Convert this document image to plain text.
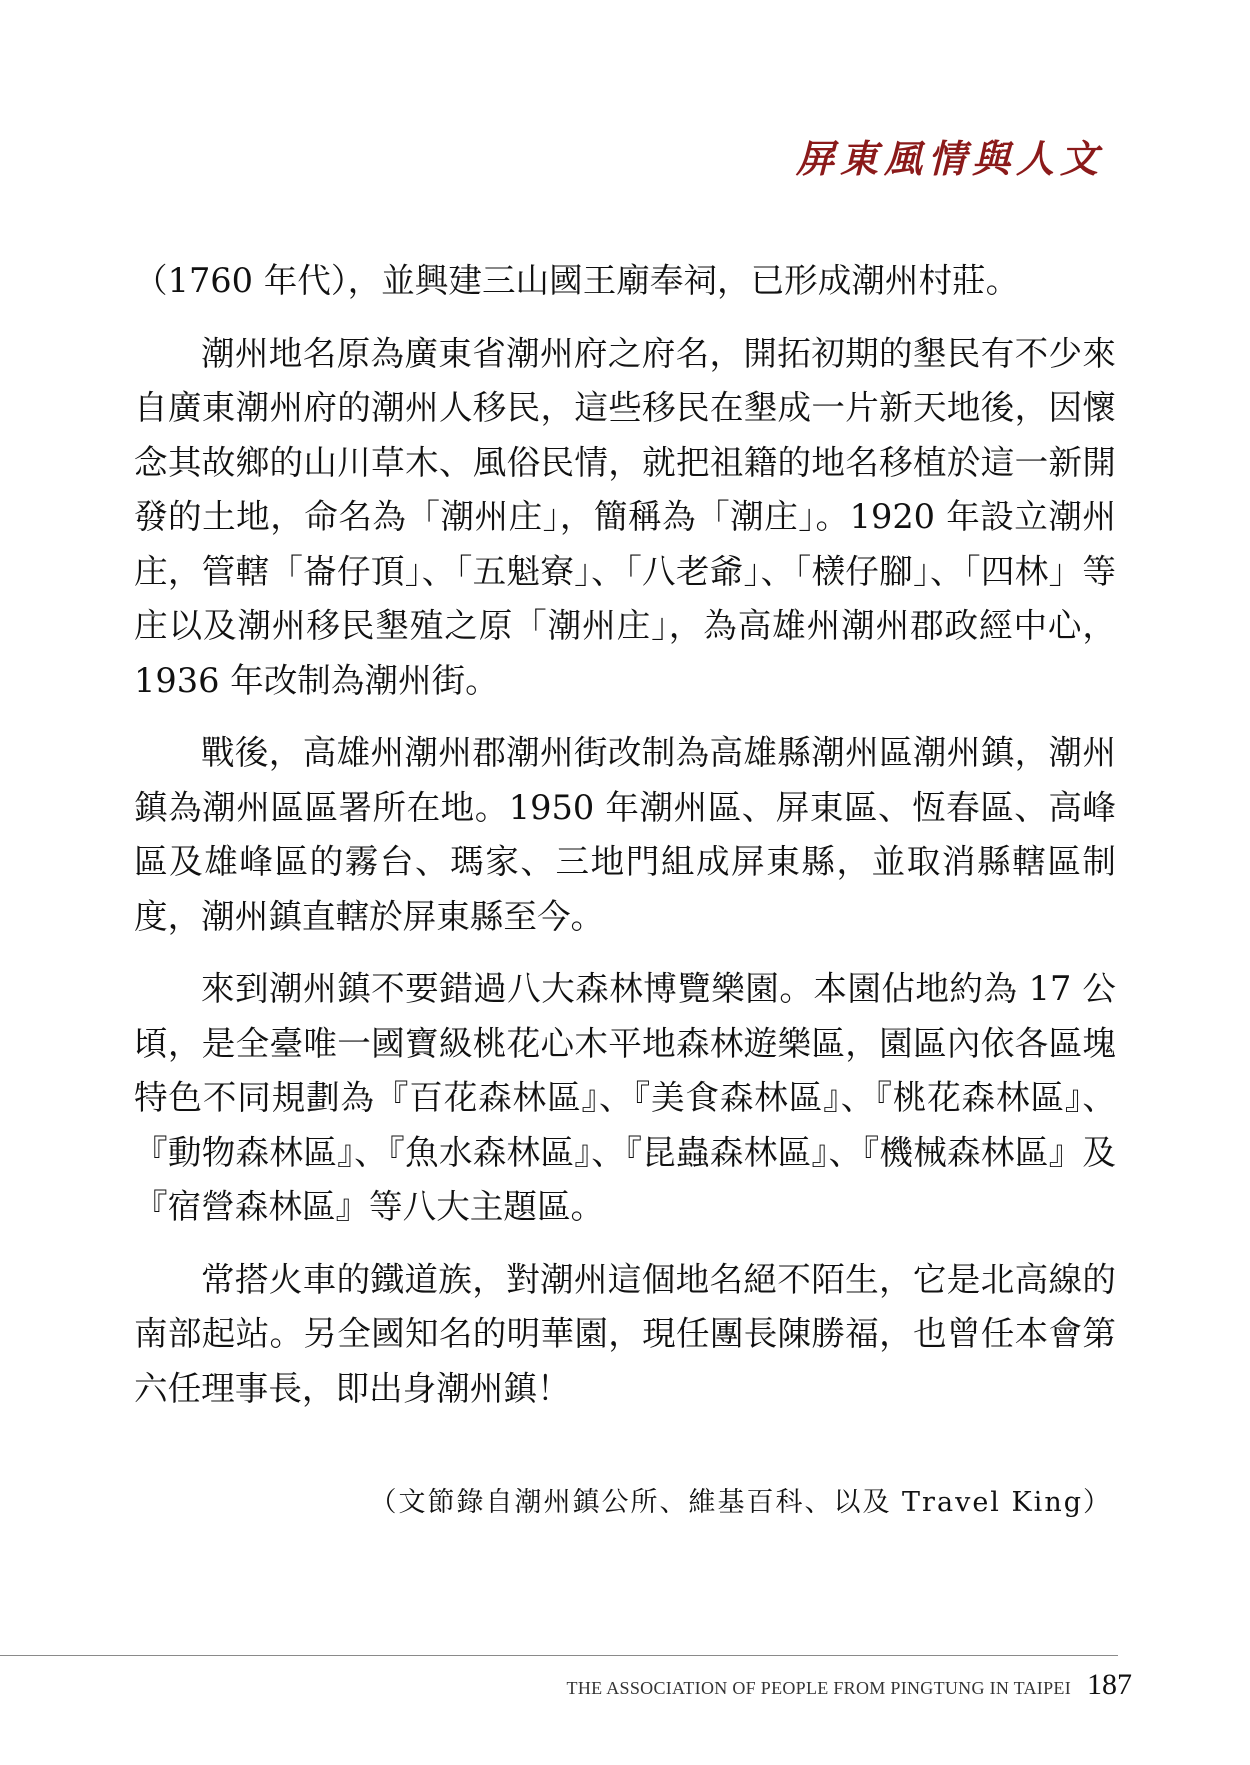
屏東風情與人文

（1760 年代），並興建三山國王廟奉祠，已形成潮州村莊。

潮州地名原為廣東省潮州府之府名，開拓初期的墾民有不少來自廣東潮州府的潮州人移民，這些移民在墾成一片新天地後，因懷念其故鄉的山川草木、風俗民情，就把祖籍的地名移植於這一新開發的土地，命名為「潮州庄」，簡稱為「潮庄」。1920 年設立潮州庄，管轄「崙仔頂」、「五魁寮」、「八老爺」、「檨仔腳」、「四林」等庄以及潮州移民墾殖之原「潮州庄」，為高雄州潮州郡政經中心，1936 年改制為潮州街。

戰後，高雄州潮州郡潮州街改制為高雄縣潮州區潮州鎮，潮州鎮為潮州區區署所在地。1950 年潮州區、屏東區、恆春區、高峰區及雄峰區的霧台、瑪家、三地門組成屏東縣，並取消縣轄區制度，潮州鎮直轄於屏東縣至今。

來到潮州鎮不要錯過八大森林博覽樂園。本園佔地約為 17 公頃，是全臺唯一國寶級桃花心木平地森林遊樂區，園區內依各區塊特色不同規劃為『百花森林區』、『美食森林區』、『桃花森林區』、『動物森林區』、『魚水森林區』、『昆蟲森林區』、『機械森林區』及『宿營森林區』等八大主題區。

常搭火車的鐵道族，對潮州這個地名絕不陌生，它是北高線的南部起站。另全國知名的明華園，現任團長陳勝福，也曾任本會第六任理事長，即出身潮州鎮！

（文節錄自潮州鎮公所、維基百科、以及 Travel King）
THE ASSOCIATION OF PEOPLE FROM PINGTUNG IN TAIPEI 187
